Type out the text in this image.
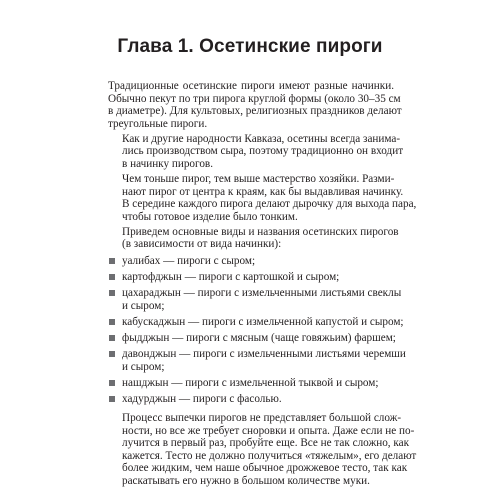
Глава 1. Осетинские пироги

Традиционные осетинские пироги имеют разные начинки.
Обычно пекут по три пирога круглой формы (около 30–35 см
в диаметре). Для культовых, религиозных праздников делают
треугольные пироги.

Как и другие народности Кавказа, осетины всегда занима-
лись производством сыра, поэтому традиционно он входит
в начинку пирогов.

Чем тоньше пирог, тем выше мастерство хозяйки. Разми-
нают пирог от центра к краям, как бы выдавливая начинку.
В середине каждого пирога делают дырочку для выхода пара,
чтобы готовое изделие было тонким.

Приведем основные виды и названия осетинских пирогов
(в зависимости от вида начинки):

уалибах — пироги с сыром;
картофджын — пироги с картошкой и сыром;
цахараджын — пироги с измельченными листьями свеклы
и сыром;
кабускаджын — пироги с измельченной капустой и сыром;
фыдджын — пироги с мясным (чаще говяжьим) фаршем;
давонджын — пироги с измельченными листьями черемши
и сыром;
нашджын — пироги с измельченной тыквой и сыром;
хадурджын — пироги с фасолью.

Процесс выпечки пирогов не представляет большой слож-
ности, но все же требует сноровки и опыта. Даже если не по-
лучится в первый раз, пробуйте еще. Все не так сложно, как
кажется. Тесто не должно получиться «тяжелым», его делают
более жидким, чем наше обычное дрожжевое тесто, так как
раскатывать его нужно в большом количестве муки.
